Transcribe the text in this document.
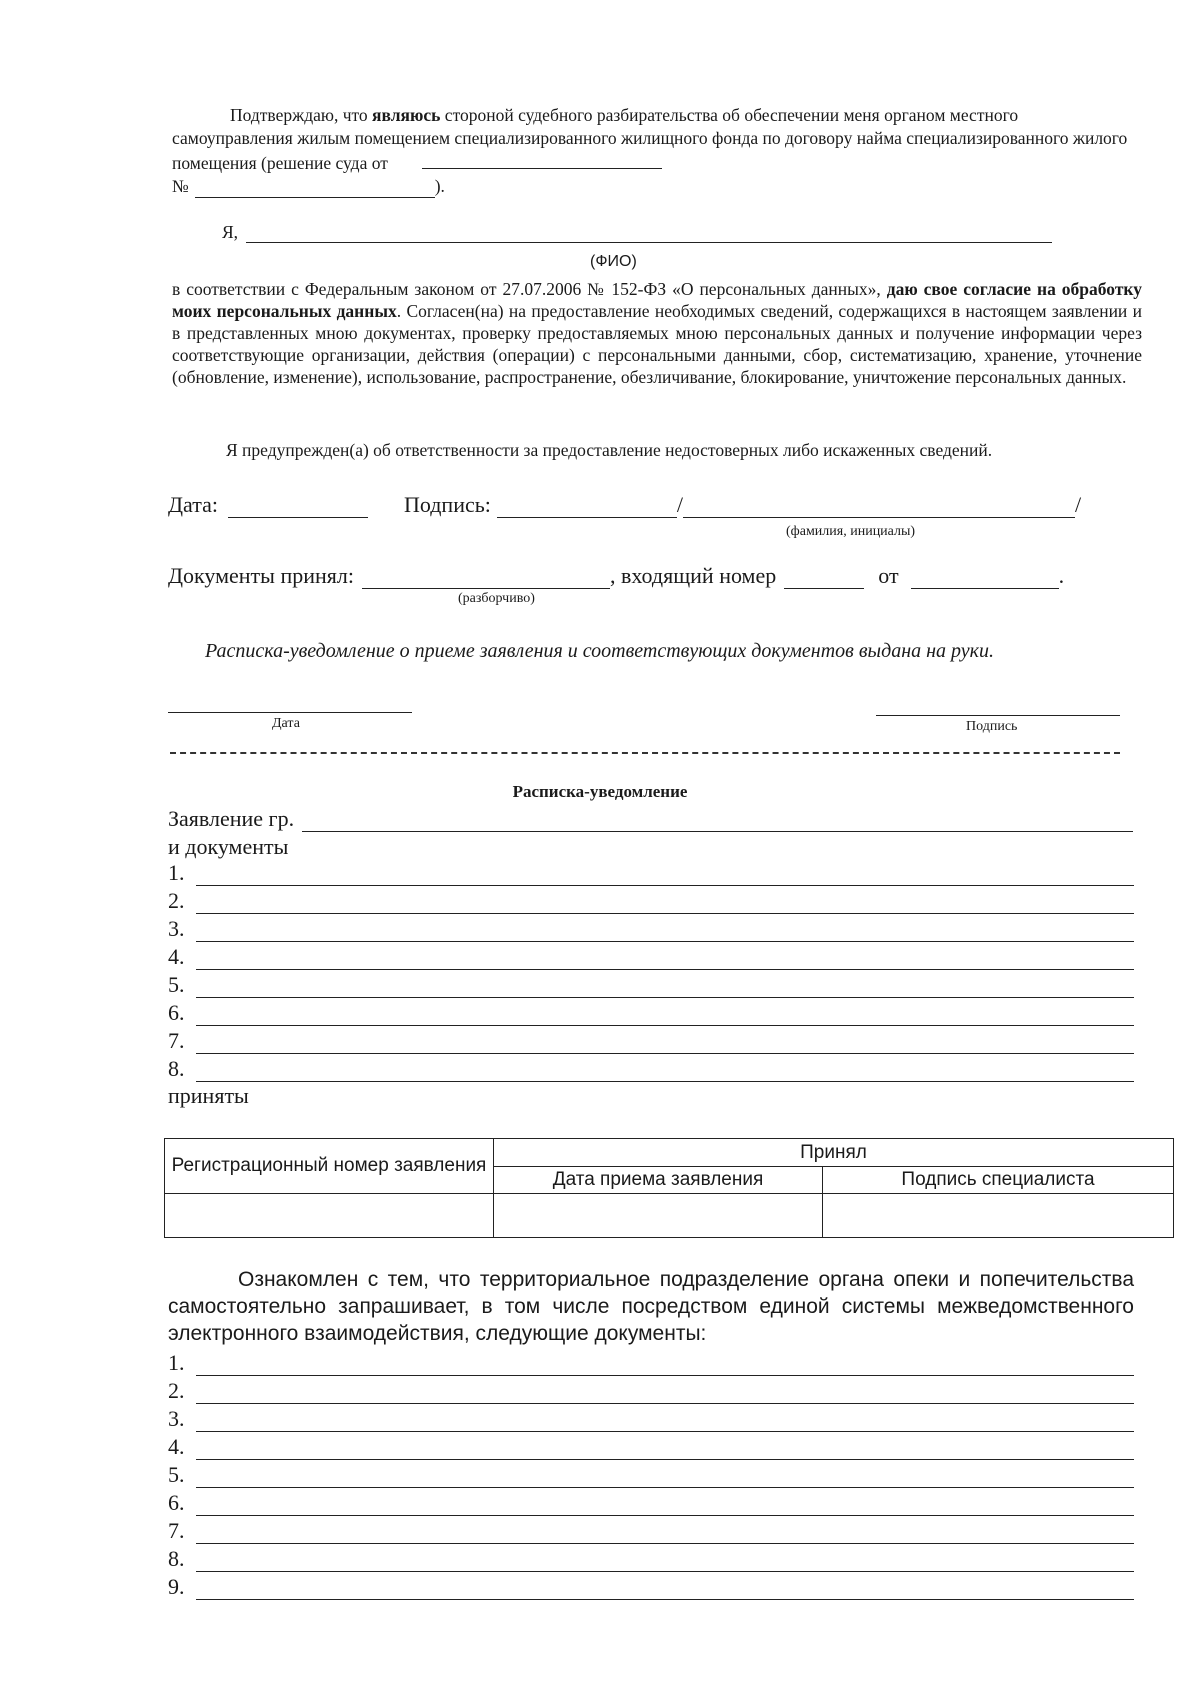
Подтверждаю, что являюсь стороной судебного разбирательства об обеспечении меня органом местного самоуправления жилым помещением специализированного жилищного фонда по договору найма специализированного жилого помещения (решение суда от
№	).
Я,
(ФИО)
в соответствии с Федеральным законом от 27.07.2006 № 152-ФЗ «О персональных данных», даю свое согласие на обработку моих персональных данных. Согласен(на) на предоставление необходимых сведений, содержащихся в настоящем заявлении и в представленных мною документах, проверку предоставляемых мною персональных данных и получение информации через соответствующие организации, действия (операции) с персональными данными, сбор, систематизацию, хранение, уточнение (обновление, изменение), использование, распространение, обезличивание, блокирование, уничтожение персональных данных.
Я предупрежден(а) об ответственности за предоставление недостоверных либо искаженных сведений.
Дата:	Подпись:	/	/
(фамилия, инициалы)
Документы принял:	, входящий номер	от	.
(разборчиво)
Расписка-уведомление о приеме заявления и соответствующих документов выдана на руки.
Дата	Подпись
Расписка-уведомление
Заявление гр.
и документы
1.
2.
3.
4.
5.
6.
7.
8.
приняты
Регистрационный номер заявления	Принял	
	Дата приема заявления	Подпись специалиста

Ознакомлен с тем, что территориальное подразделение органа опеки и попечительства самостоятельно запрашивает, в том числе посредством единой системы межведомственного электронного взаимодействия, следующие документы:
1.
2.
3.
4.
5.
6.
7.
8.
9.
